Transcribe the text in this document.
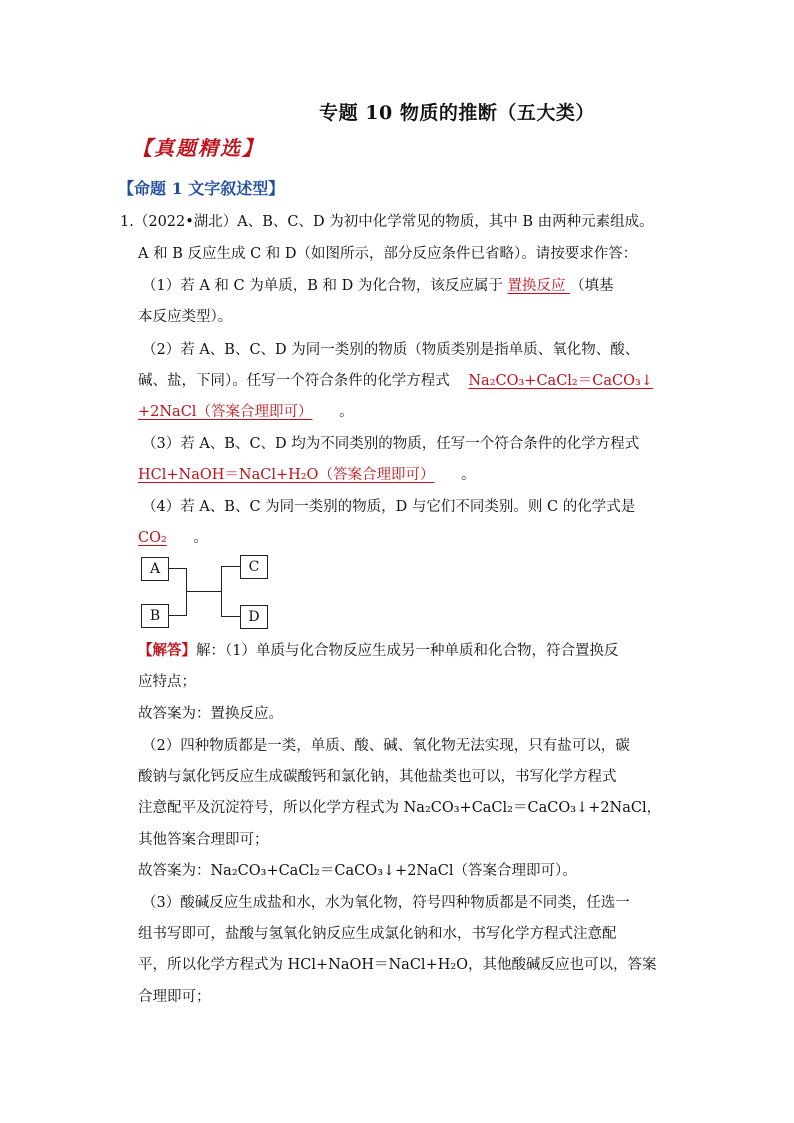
专题 10 物质的推断（五大类）
【真题精选】
【命题 1 文字叙述型】
1.（2022•湖北）A、B、C、D 为初中化学常见的物质，其中 B 由两种元素组成。
A 和 B 反应生成 C 和 D（如图所示，部分反应条件已省略）。请按要求作答：
（1）若 A 和 C 为单质，B 和 D 为化合物，该反应属于 置换反应 （填基
本反应类型）。
（2）若 A、B、C、D 为同一类别的物质（物质类别是指单质、氧化物、酸、
碱、盐，下同）。任写一个符合条件的化学方程式 Na₂CO₃+CaCl₂＝CaCO₃↓
+2NaCl（答案合理即可） 。
（3）若 A、B、C、D 均为不同类别的物质，任写一个符合条件的化学方程式
HCl+NaOH＝NaCl+H₂O（答案合理即可） 。
（4）若 A、B、C 为同一类别的物质，D 与它们不同类别。则 C 的化学式是
CO₂ 。
A
B
C
D
【解答】解：（1）单质与化合物反应生成另一种单质和化合物，符合置换反
应特点；
故答案为：置换反应。
（2）四种物质都是一类，单质、酸、碱、氧化物无法实现，只有盐可以，碳
酸钠与氯化钙反应生成碳酸钙和氯化钠，其他盐类也可以，书写化学方程式
注意配平及沉淀符号，所以化学方程式为 Na₂CO₃+CaCl₂＝CaCO₃↓+2NaCl，
其他答案合理即可；
故答案为：Na₂CO₃+CaCl₂＝CaCO₃↓+2NaCl（答案合理即可）。
（3）酸碱反应生成盐和水，水为氧化物，符号四种物质都是不同类，任选一
组书写即可，盐酸与氢氧化钠反应生成氯化钠和水，书写化学方程式注意配
平，所以化学方程式为 HCl+NaOH＝NaCl+H₂O，其他酸碱反应也可以，答案
合理即可；
